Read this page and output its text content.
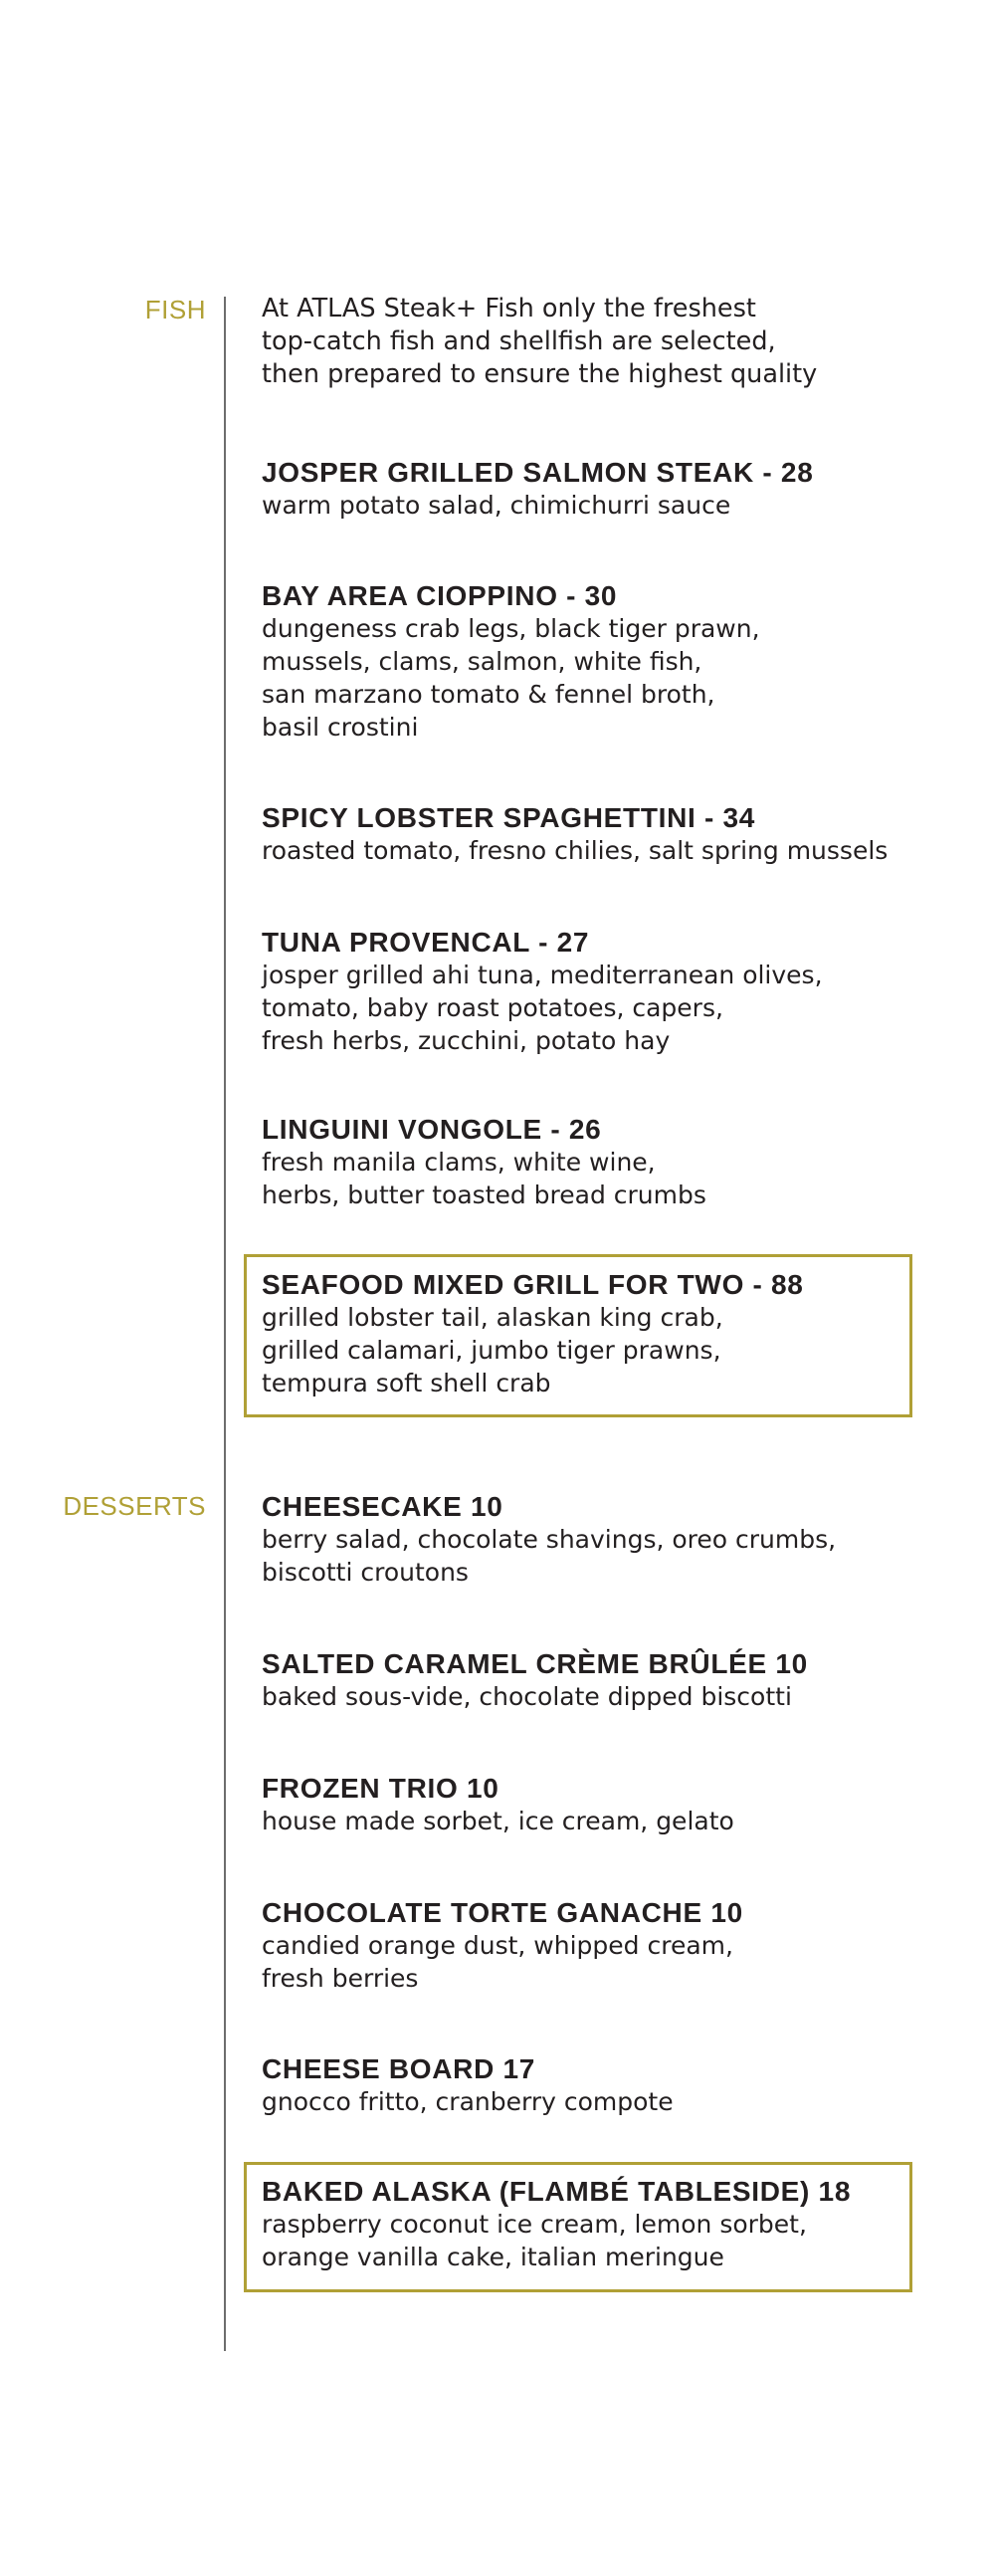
FISH At ATLAS Steak+ Fish only the freshest
top-catch fish and shellfish are selected,
then prepared to ensure the highest quality
JOSPER GRILLED SALMON STEAK - 28
warm potato salad, chimichurri sauce
BAY AREA CIOPPINO - 30
dungeness crab legs, black tiger prawn,
mussels, clams, salmon, white fish,
san marzano tomato & fennel broth,
basil crostini
SPICY LOBSTER SPAGHETTINI - 34
roasted tomato, fresno chilies, salt spring mussels
TUNA PROVENCAL - 27
josper grilled ahi tuna, mediterranean olives,
tomato, baby roast potatoes, capers,
fresh herbs, zucchini, potato hay
LINGUINI VONGOLE - 26
fresh manila clams, white wine,
herbs, butter toasted bread crumbs
SEAFOOD MIXED GRILL FOR TWO - 88
grilled lobster tail, alaskan king crab,
grilled calamari, jumbo tiger prawns,
tempura soft shell crab
DESSERTS CHEESECAKE 10
berry salad, chocolate shavings, oreo crumbs,
biscotti croutons
SALTED CARAMEL CRÈME BRÛLÉE 10
baked sous-vide, chocolate dipped biscotti
FROZEN TRIO 10
house made sorbet, ice cream, gelato
CHOCOLATE TORTE GANACHE 10
candied orange dust, whipped cream,
fresh berries
CHEESE BOARD 17
gnocco fritto, cranberry compote
BAKED ALASKA (FLAMBÉ TABLESIDE) 18
raspberry coconut ice cream, lemon sorbet,
orange vanilla cake, italian meringue
